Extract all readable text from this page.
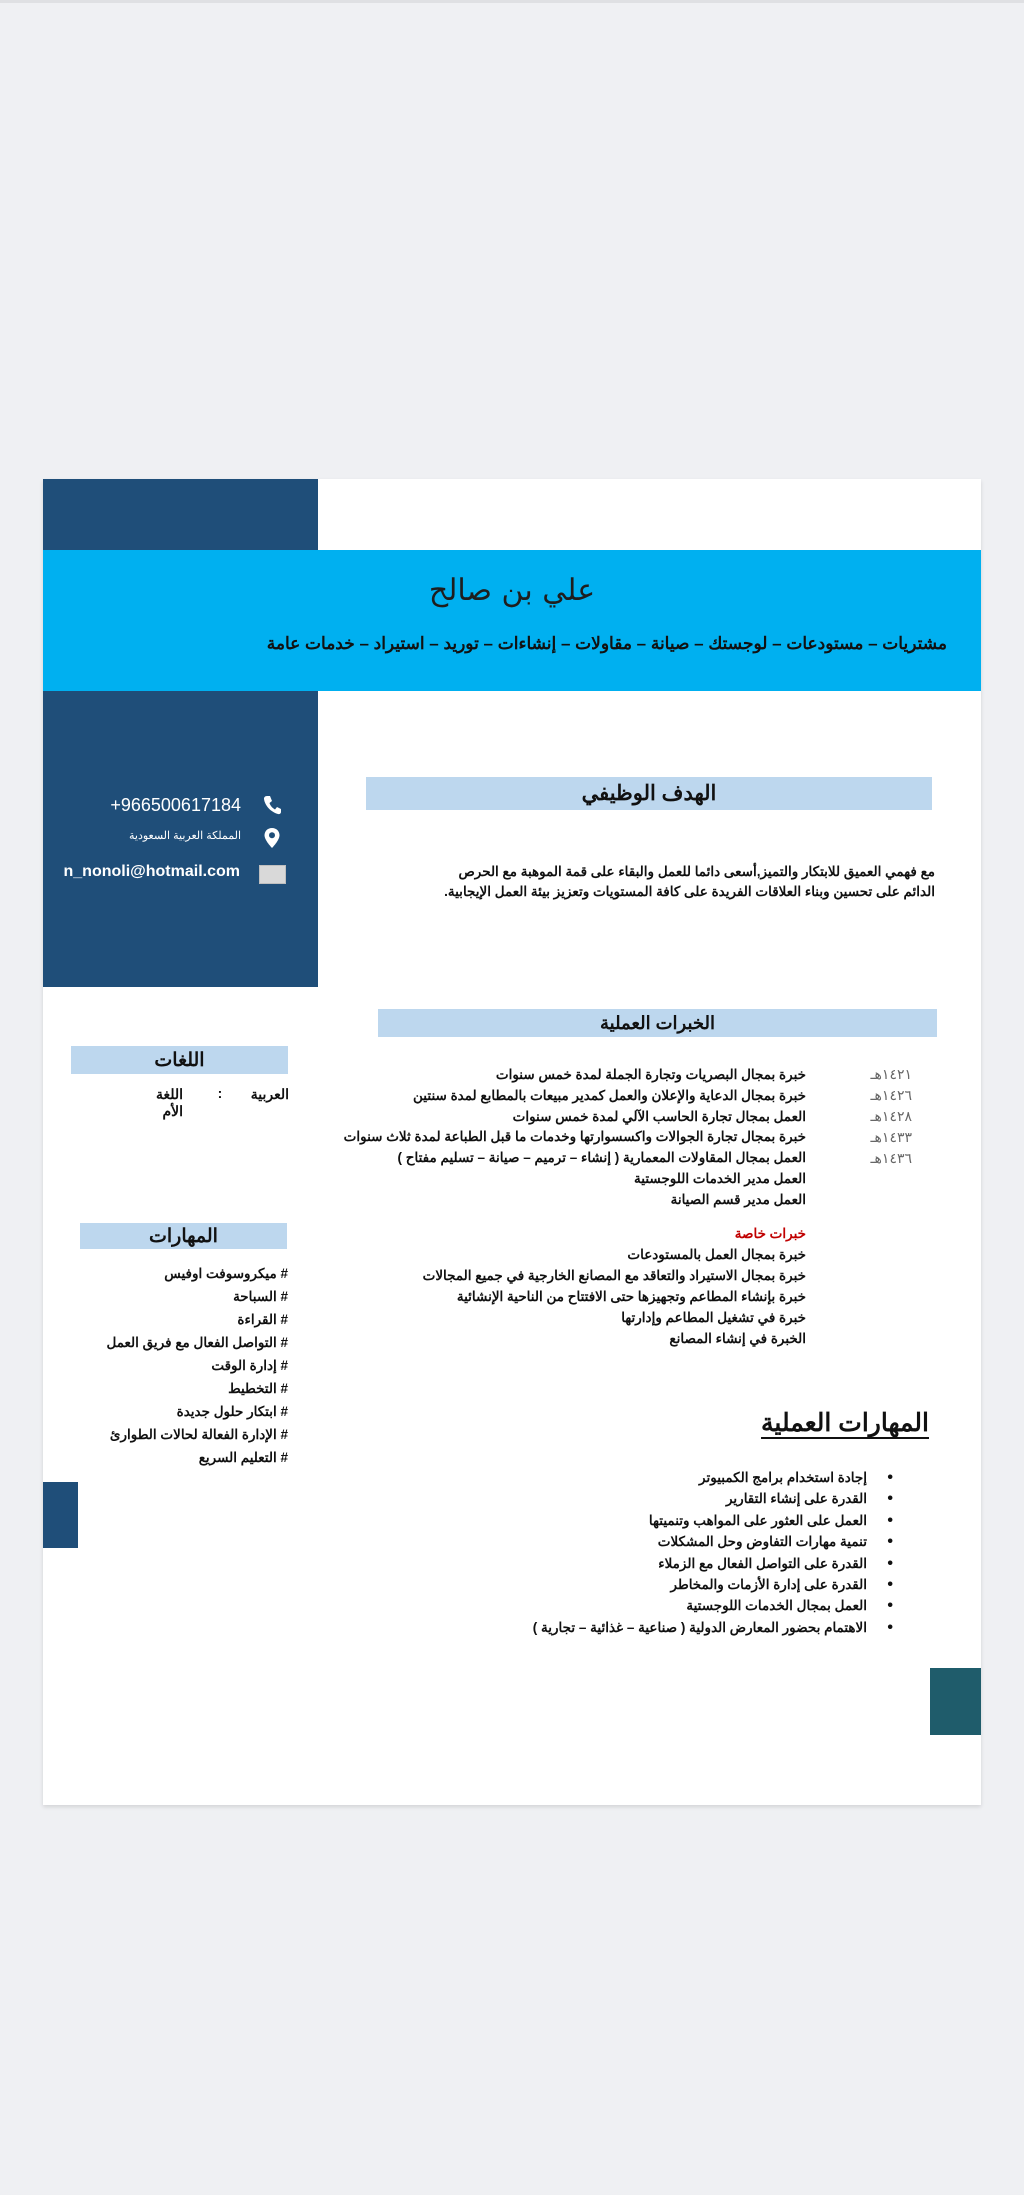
علي بن صالح
مشتريات – مستودعات – لوجستك – صيانة – مقاولات – إنشاءات – توريد – استيراد – خدمات عامة
+966500617184
المملكة العربية السعودية
n_nonoli@hotmail.com
الهدف الوظيفي
مع فهمي العميق للابتكار والتميز,أسعى دائما للعمل والبقاء على قمة الموهبة مع الحرص
الدائم على تحسين وبناء العلاقات الفريدة على كافة المستويات وتعزيز بيئة العمل الإيجابية.
الخبرات العملية
١٤٢١هـ
١٤٢٦هـ
١٤٢٨هـ
١٤٣٣هـ
١٤٣٦هـ
خبرة بمجال البصريات وتجارة الجملة لمدة خمس سنوات
خبرة بمجال الدعاية والإعلان والعمل كمدير مبيعات بالمطابع لمدة سنتين
العمل بمجال تجارة الحاسب الآلي لمدة خمس سنوات
خبرة بمجال تجارة الجوالات واكسسوارتها وخدمات ما قبل الطباعة لمدة ثلاث سنوات
العمل بمجال المقاولات المعمارية ( إنشاء – ترميم – صيانة – تسليم مفتاح )
العمل مدير الخدمات اللوجستية
العمل مدير قسم الصيانة
خبرات خاصة
خبرة بمجال العمل بالمستودعات
خبرة بمجال الاستيراد والتعاقد مع المصانع الخارجية في جميع المجالات
خبرة بإنشاء المطاعم وتجهيزها حتى الافتتاح من الناحية الإنشائية
خبرة في تشغيل المطاعم وإدارتها
الخبرة في إنشاء المصانع
المهارات العملية
• إجادة استخدام برامج الكمبيوتر
• القدرة على إنشاء التقارير
• العمل على العثور على المواهب وتنميتها
• تنمية مهارات التفاوض وحل المشكلات
• القدرة على التواصل الفعال مع الزملاء
• القدرة على إدارة الأزمات والمخاطر
• العمل بمجال الخدمات اللوجستية
• الاهتمام بحضور المعارض الدولية ( صناعية – غذائية – تجارية )
اللغات
العربية
:
اللغة الأم
المهارات
# ميكروسوفت اوفيس
# السباحة
# القراءة
# التواصل الفعال مع فريق العمل
# إدارة الوقت
# التخطيط
# ابتكار حلول جديدة
# الإدارة الفعالة لحالات الطوارئ
# التعليم السريع
